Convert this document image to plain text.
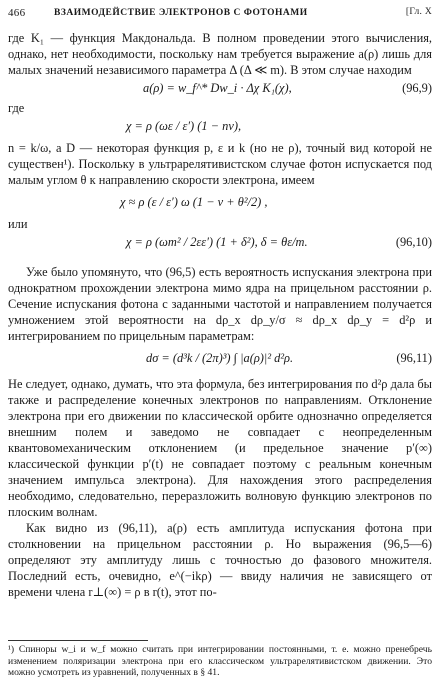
466	ВЗАИМОДЕЙСТВИЕ ЭЛЕКТРОНОВ С ФОТОНАМИ	[Гл. X

где K₁ — функция Макдональда. В полном проведении этого вычисления, однако, нет необходимости, поскольку нам требуется выражение a(ρ) лишь для малых значений независимого параметра Δ (Δ ≪ m). В этом случае находим

a(ρ) = w_f^* Dw_i · Δχ K₁(χ),	(96,9)
где
χ = ρ (ωε / ε′) (1 − nv),

n = k/ω, а D — некоторая функция p, ε и k (но не ρ), точный вид которой не существен¹). Поскольку в ультрарелятивистском случае фотон испускается под малым углом θ к направлению скорости электрона, имеем

χ ≈ ρ (ε / ε′) ω (1 − v + θ²/2) ,
или
χ = ρ (ωm² / 2εε′) (1 + δ²), δ = θε/m.	(96,10)

Уже было упомянуто, что (96,5) есть вероятность испускания электрона при однократном прохождении электрона мимо ядра на прицельном расстоянии ρ. Сечение испускания фотона с заданными частотой и направлением получается умножением этой вероятности на dρ_x dρ_y/σ ≈ dρ_x dρ_y = d²ρ и интегрированием по прицельным параметрам:

dσ = (d³k / (2π)³) ∫ |a(ρ)|² d²ρ.	(96,11)

Не следует, однако, думать, что эта формула, без интегрирования по d²ρ дала бы также и распределение конечных электронов по направлениям. Отклонение электрона при его движении по классической орбите однозначно определяется внешним полем и заведомо не совпадает с неопределенным квантовомеханическим отклонением (и предельное значение p′(∞) классической функции p′(t) не совпадает поэтому с реальным конечным значением импульса электрона). Для нахождения этого распределения необходимо, следовательно, переразложить волновую функцию электронов по плоским волнам.

Как видно из (96,11), a(ρ) есть амплитуда испускания фотона при столкновении на прицельном расстоянии ρ. Но выражения (96,5—6) определяют эту амплитуду лишь с точностью до фазового множителя. Последний есть, очевидно, e^(−ikρ) — ввиду наличия не зависящего от времени члена r⊥(∞) = ρ в r(t), этот по-

¹) Спиноры w_i и w_f можно считать при интегрировании постоянными, т. е. можно пренебречь изменением поляризации электрона при его классическом ультрарелятивистском движении. Это можно усмотреть из уравнений, полученных в § 41.
